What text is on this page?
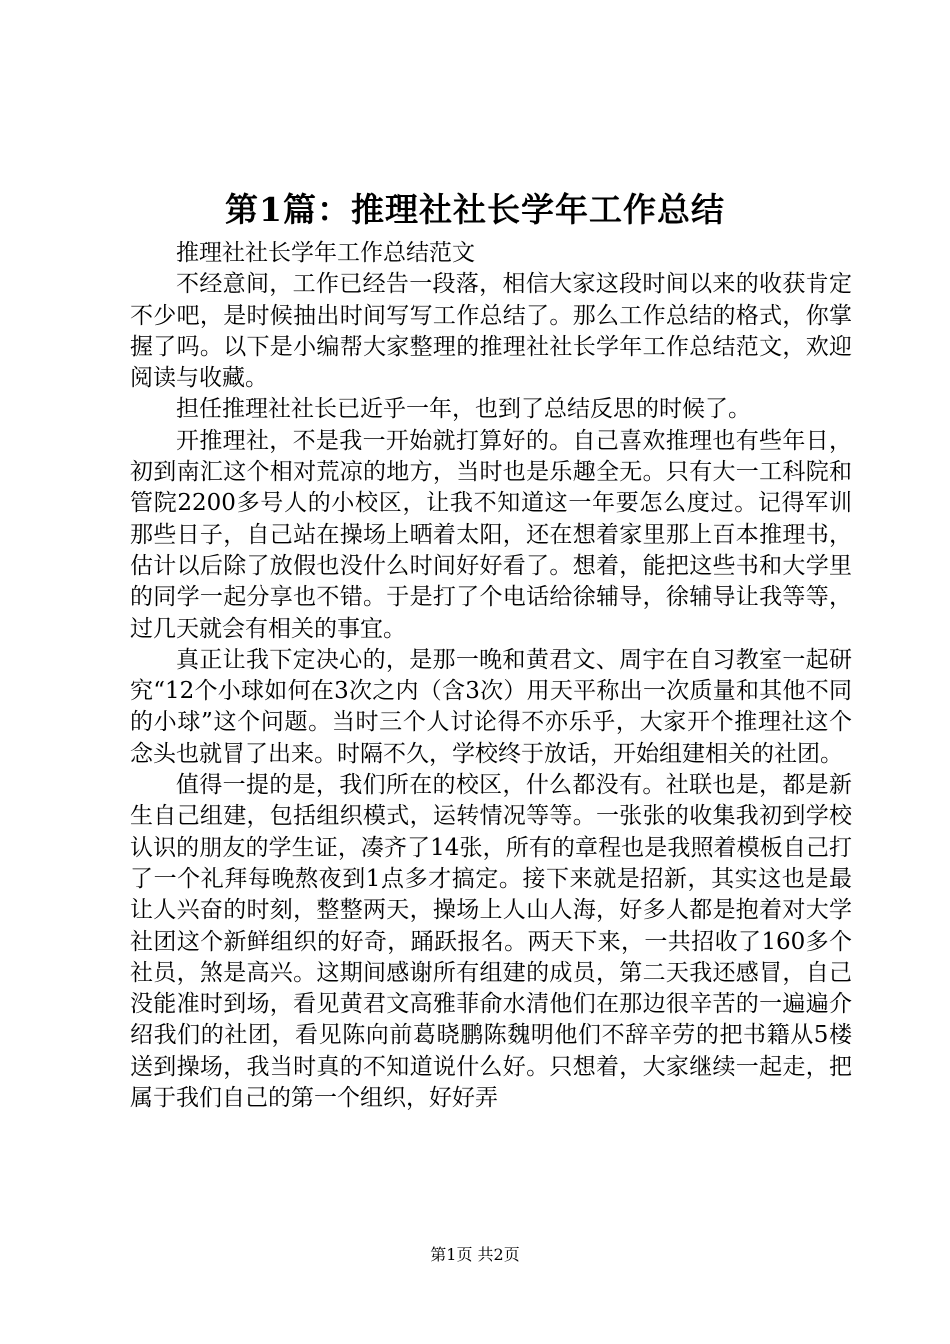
第1篇：推理社社长学年工作总结

推理社社长学年工作总结范文

不经意间，工作已经告一段落，相信大家这段时间以来的收获肯定不少吧，是时候抽出时间写写工作总结了。那么工作总结的格式，你掌握了吗。以下是小编帮大家整理的推理社社长学年工作总结范文，欢迎阅读与收藏。

担任推理社社长已近乎一年，也到了总结反思的时候了。

开推理社，不是我一开始就打算好的。自己喜欢推理也有些年日，初到南汇这个相对荒凉的地方，当时也是乐趣全无。只有大一工科院和管院2200多号人的小校区，让我不知道这一年要怎么度过。记得军训那些日子，自己站在操场上晒着太阳，还在想着家里那上百本推理书，估计以后除了放假也没什么时间好好看了。想着，能把这些书和大学里的同学一起分享也不错。于是打了个电话给徐辅导，徐辅导让我等等，过几天就会有相关的事宜。

真正让我下定决心的，是那一晚和黄君文、周宇在自习教室一起研究“12个小球如何在3次之内（含3次）用天平称出一次质量和其他不同的小球”这个问题。当时三个人讨论得不亦乐乎，大家开个推理社这个念头也就冒了出来。时隔不久，学校终于放话，开始组建相关的社团。

值得一提的是，我们所在的校区，什么都没有。社联也是，都是新生自己组建，包括组织模式，运转情况等等。一张张的收集我初到学校认识的朋友的学生证，凑齐了14张，所有的章程也是我照着模板自己打了一个礼拜每晚熬夜到1点多才搞定。接下来就是招新，其实这也是最让人兴奋的时刻，整整两天，操场上人山人海，好多人都是抱着对大学社团这个新鲜组织的好奇，踊跃报名。两天下来，一共招收了160多个社员，煞是高兴。这期间感谢所有组建的成员，第二天我还感冒，自己没能准时到场，看见黄君文高雅菲俞水清他们在那边很辛苦的一遍遍介绍我们的社团，看见陈向前葛晓鹏陈魏明他们不辞辛劳的把书籍从5楼送到操场，我当时真的不知道说什么好。只想着，大家继续一起走，把属于我们自己的第一个组织，好好弄

第1页 共2页
